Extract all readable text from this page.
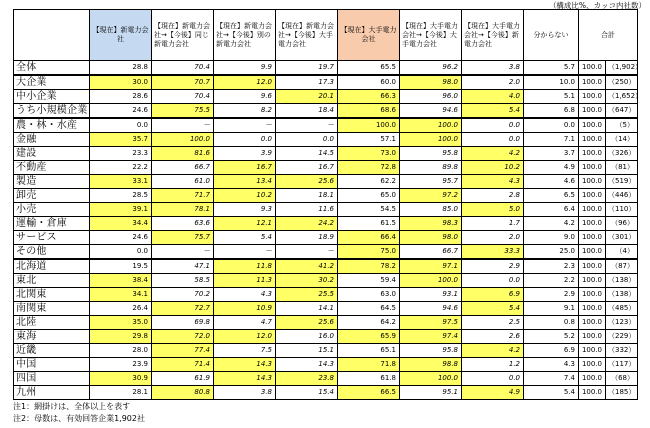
（構成比%、カッコ内社数）

	【現在】新電力会社	【現在】新電力会社→【今後】同じ新電力会社	【現在】新電力会社→【今後】別の新電力会社	【現在】新電力会社→【今後】大手電力会社	【現在】大手電力会社	【現在】大手電力会社→【今後】大手電力会社	【現在】大手電力会社→【今後】新電力会社	分からない	合計	
全体	28.8	70.4	9.9	19.7	65.5	96.2	3.8	5.7	100.0	（1,902）
大企業	30.0	70.7	12.0	17.3	60.0	98.0	2.0	10.0	100.0	（250）
中小企業	28.6	70.4	9.6	20.1	66.3	96.0	4.0	5.1	100.0	（1,652）
うち小規模企業	24.6	75.5	8.2	18.4	68.6	94.6	5.4	6.8	100.0	（647）
農・林・水産	0.0	－	－	－	100.0	100.0	0.0	0.0	100.0	（5）
金融	35.7	100.0	0.0	0.0	57.1	100.0	0.0	7.1	100.0	（14）
建設	23.3	81.6	3.9	14.5	73.0	95.8	4.2	3.7	100.0	（326）
不動産	22.2	66.7	16.7	16.7	72.8	89.8	10.2	4.9	100.0	（81）
製造	33.1	61.0	13.4	25.6	62.2	95.7	4.3	4.6	100.0	（519）
卸売	28.5	71.7	10.2	18.1	65.0	97.2	2.8	6.5	100.0	（446）
小売	39.1	78.1	9.3	11.6	54.5	85.0	5.0	6.4	100.0	（110）
運輸・倉庫	34.4	63.6	12.1	24.2	61.5	98.3	1.7	4.2	100.0	（96）
サービス	24.6	75.7	5.4	18.9	66.4	98.0	2.0	9.0	100.0	（301）
その他	0.0	－	－	－	75.0	66.7	33.3	25.0	100.0	（4）
北海道	19.5	47.1	11.8	41.2	78.2	97.1	2.9	2.3	100.0	（87）
東北	38.4	58.5	11.3	30.2	59.4	100.0	0.0	2.2	100.0	（138）
北関東	34.1	70.2	4.3	25.5	63.0	93.1	6.9	2.9	100.0	（138）
南関東	26.4	72.7	10.9	14.1	64.5	94.6	5.4	9.1	100.0	（485）
北陸	35.0	69.8	4.7	25.6	64.2	97.5	2.5	0.8	100.0	（123）
東海	29.8	72.0	12.0	16.0	65.9	97.4	2.6	5.2	100.0	（229）
近畿	28.0	77.4	7.5	15.1	65.1	95.8	4.2	6.9	100.0	（332）
中国	23.9	71.4	14.3	14.3	71.8	98.8	1.2	4.3	100.0	（117）
四国	30.9	61.9	14.3	23.8	61.8	100.0	0.0	7.4	100.0	（68）
九州	28.1	80.8	3.8	15.4	66.5	95.1	4.9	5.4	100.0	（185）
注1：網掛けは、全体以上を表す
注2：母数は、有効回答企業1,902社
